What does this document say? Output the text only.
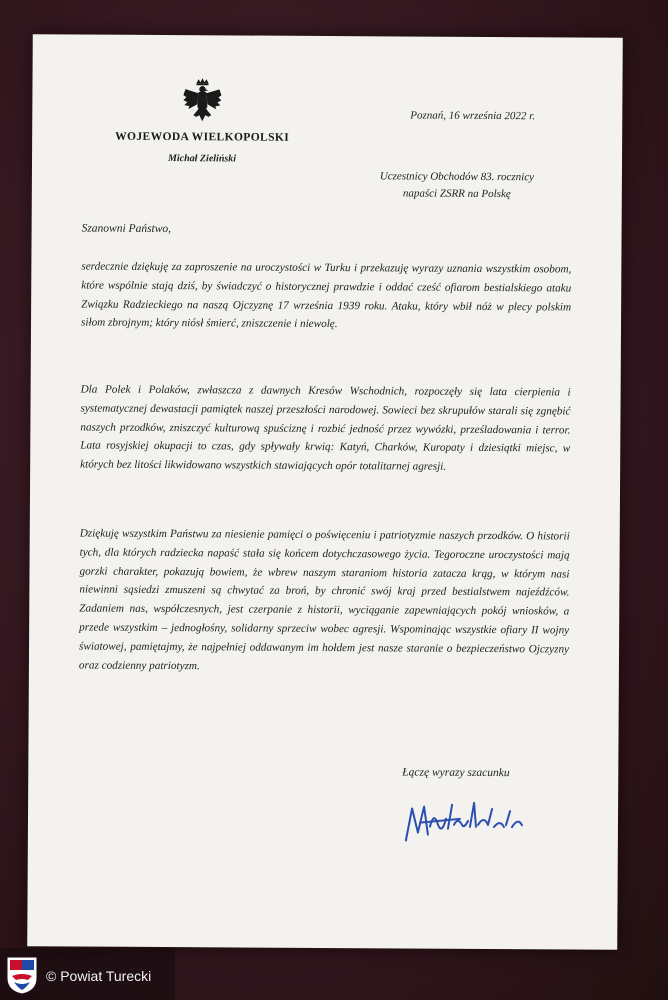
WOJEWODA WIELKOPOLSKI
Michał Zieliński
Poznań, 16 września 2022 r.
Uczestnicy Obchodów 83. rocznicy
napaści ZSRR na Polskę
Szanowni Państwo,

serdecznie dziękuję za zaproszenie na uroczystości w Turku i przekazuję wyrazy uznania wszystkim osobom, które wspólnie stają dziś, by świadczyć o historycznej prawdzie i oddać cześć ofiarom bestialskiego ataku Związku Radzieckiego na naszą Ojczyznę 17 września 1939 roku. Ataku, który wbił nóż w plecy polskim siłom zbrojnym; który niósł śmierć, zniszczenie i niewolę.

Dla Polek i Polaków, zwłaszcza z dawnych Kresów Wschodnich, rozpoczęły się lata cierpienia i systematycznej dewastacji pamiątek naszej przeszłości narodowej. Sowieci bez skrupułów starali się zgnębić naszych przodków, zniszczyć kulturową spuściznę i rozbić jedność przez wywózki, prześladowania i terror. Lata rosyjskiej okupacji to czas, gdy spływały krwią: Katyń, Charków, Kuropaty i dziesiątki miejsc, w których bez litości likwidowano wszystkich stawiających opór totalitarnej agresji.

Dziękuję wszystkim Państwu za niesienie pamięci o poświęceniu i patriotyzmie naszych przodków. O historii tych, dla których radziecka napaść stała się końcem dotychczasowego życia. Tegoroczne uroczystości mają gorzki charakter, pokazują bowiem, że wbrew naszym staraniom historia zatacza krąg, w którym nasi niewinni sąsiedzi zmuszeni są chwytać za broń, by chronić swój kraj przed bestialstwem najeźdźców. Zadaniem nas, współczesnych, jest czerpanie z historii, wyciąganie zapewniających pokój wniosków, a przede wszystkim – jednogłośny, solidarny sprzeciw wobec agresji. Wspominając wszystkie ofiary II wojny światowej, pamiętajmy, że najpełniej oddawanym im hołdem jest nasze staranie o bezpieczeństwo Ojczyzny oraz codzienny patriotyzm.

Łączę wyrazy szacunku
© Powiat Turecki
